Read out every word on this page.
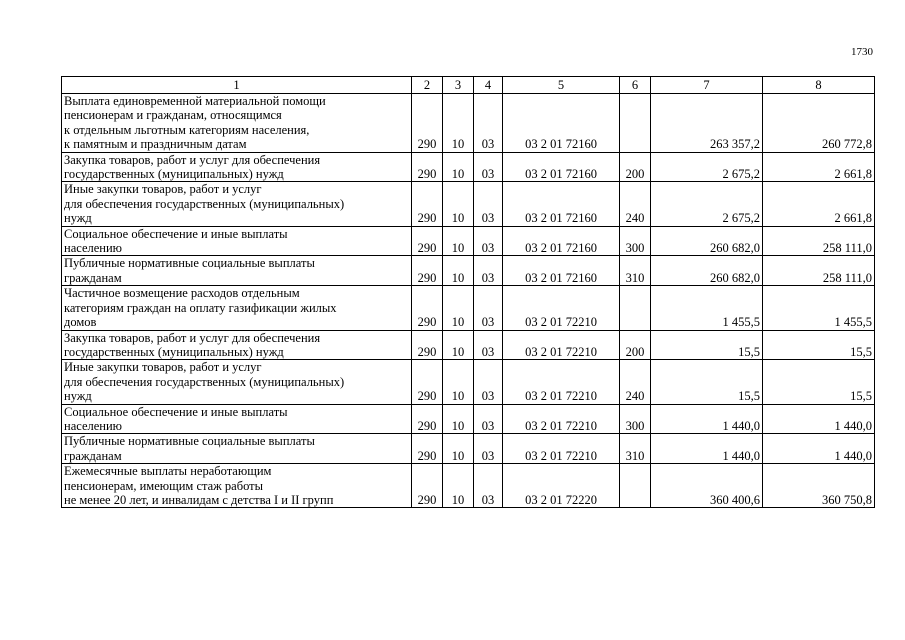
1730
1	2	3	4	5	6	7	8
Выплата единовременной материальной помощи
пенсионерам и гражданам, относящимся
к отдельным льготным категориям населения,
к памятным и праздничным датам	290	10	03	03 2 01 72160		263 357,2	260 772,8
Закупка товаров, работ и услуг для обеспечения
государственных (муниципальных) нужд	290	10	03	03 2 01 72160	200	2 675,2	2 661,8
Иные закупки товаров, работ и услуг
для обеспечения государственных (муниципальных)
нужд	290	10	03	03 2 01 72160	240	2 675,2	2 661,8
Социальное обеспечение и иные выплаты
населению	290	10	03	03 2 01 72160	300	260 682,0	258 111,0
Публичные нормативные социальные выплаты
гражданам	290	10	03	03 2 01 72160	310	260 682,0	258 111,0
Частичное возмещение расходов отдельным
категориям граждан на оплату газификации жилых
домов	290	10	03	03 2 01 72210		1 455,5	1 455,5
Закупка товаров, работ и услуг для обеспечения
государственных (муниципальных) нужд	290	10	03	03 2 01 72210	200	15,5	15,5
Иные закупки товаров, работ и услуг
для обеспечения государственных (муниципальных)
нужд	290	10	03	03 2 01 72210	240	15,5	15,5
Социальное обеспечение и иные выплаты
населению	290	10	03	03 2 01 72210	300	1 440,0	1 440,0
Публичные нормативные социальные выплаты
гражданам	290	10	03	03 2 01 72210	310	1 440,0	1 440,0
Ежемесячные выплаты неработающим
пенсионерам, имеющим стаж работы
не менее 20 лет, и инвалидам с детства I и II групп	290	10	03	03 2 01 72220		360 400,6	360 750,8
